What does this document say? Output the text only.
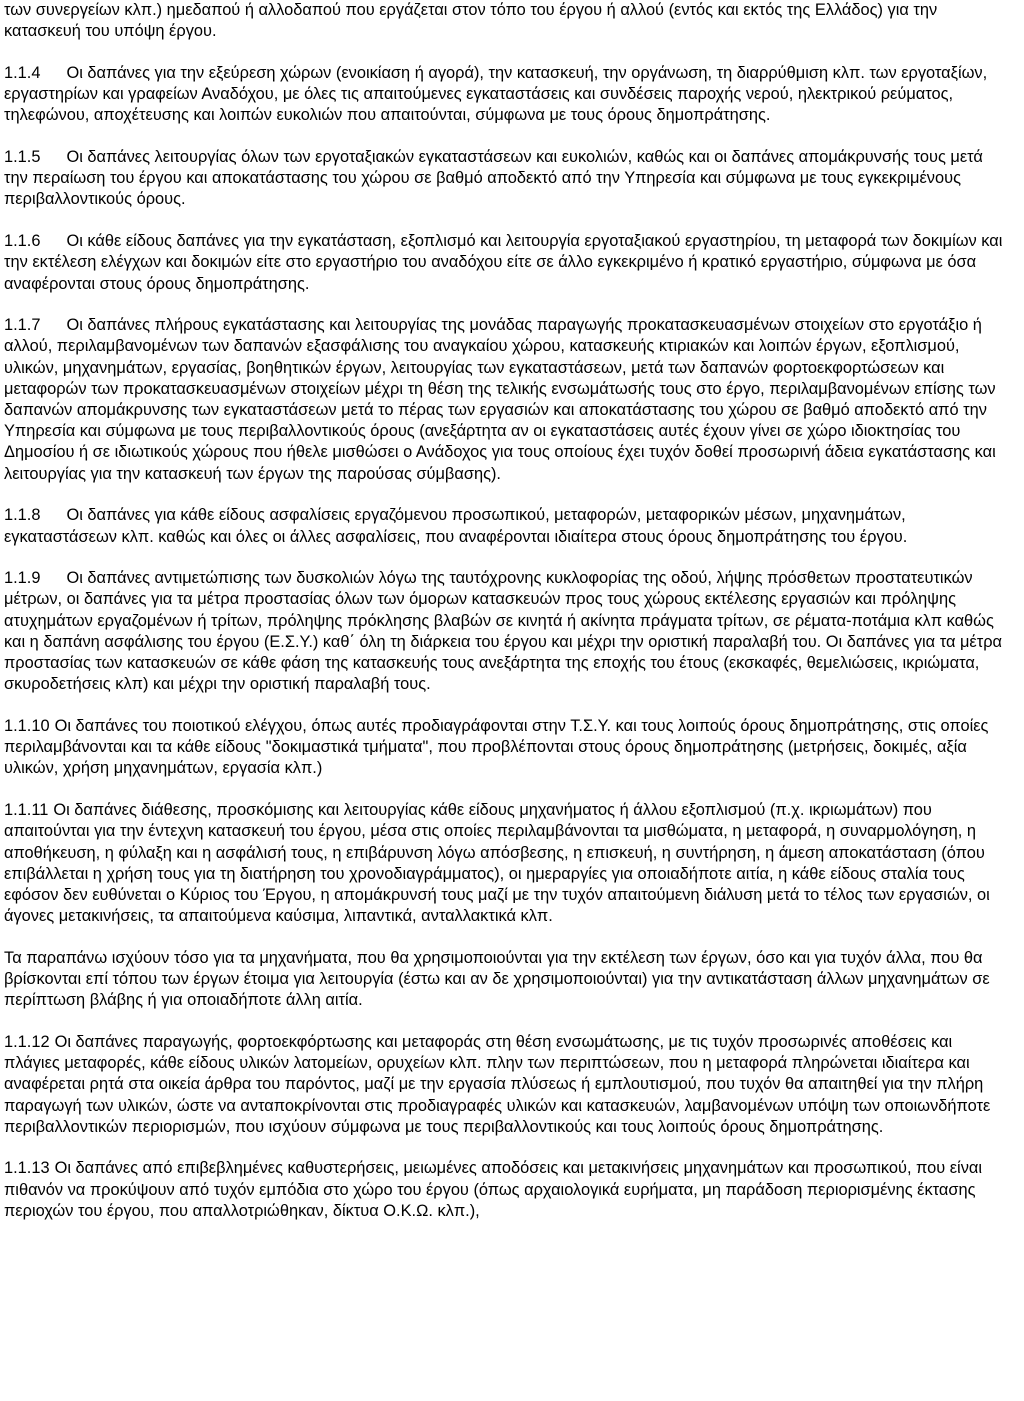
των συνεργείων κλπ.) ημεδαπού ή αλλοδαπού που εργάζεται στον τόπο του έργου ή αλλού (εντός και εκτός της Ελλάδος) για την κατασκευή του υπόψη έργου.

1.1.4 Οι δαπάνες για την εξεύρεση χώρων (ενοικίαση ή αγορά), την κατασκευή, την οργάνωση, τη διαρρύθμιση κλπ. των εργοταξίων, εργαστηρίων και γραφείων Αναδόχου, με όλες τις απαιτούμενες εγκαταστάσεις και συνδέσεις παροχής νερού, ηλεκτρικού ρεύματος, τηλεφώνου, αποχέτευσης και λοιπών ευκολιών που απαιτούνται, σύμφωνα με τους όρους δημοπράτησης.

1.1.5 Οι δαπάνες λειτουργίας όλων των εργοταξιακών εγκαταστάσεων και ευκολιών, καθώς και οι δαπάνες απομάκρυνσής τους μετά την περαίωση του έργου και αποκατάστασης του χώρου σε βαθμό αποδεκτό από την Υπηρεσία και σύμφωνα με τους εγκεκριμένους περιβαλλοντικούς όρους.

1.1.6 Οι κάθε είδους δαπάνες για την εγκατάσταση, εξοπλισμό και λειτουργία εργοταξιακού εργαστηρίου, τη μεταφορά των δοκιμίων και την εκτέλεση ελέγχων και δοκιμών είτε στο εργαστήριο του αναδόχου είτε σε άλλο εγκεκριμένο ή κρατικό εργαστήριο, σύμφωνα με όσα αναφέρονται στους όρους δημοπράτησης.

1.1.7 Οι δαπάνες πλήρους εγκατάστασης και λειτουργίας της μονάδας παραγωγής προκατασκευασμένων στοιχείων στο εργοτάξιο ή αλλού, περιλαμβανομένων των δαπανών εξασφάλισης του αναγκαίου χώρου, κατασκευής κτιριακών και λοιπών έργων, εξοπλισμού, υλικών, μηχανημάτων, εργασίας, βοηθητικών έργων, λειτουργίας των εγκαταστάσεων, μετά των δαπανών φορτοεκφορτώσεων και μεταφορών των προκατασκευασμένων στοιχείων μέχρι τη θέση της τελικής ενσωμάτωσής τους στο έργο, περιλαμβανομένων επίσης των δαπανών απομάκρυνσης των εγκαταστάσεων μετά το πέρας των εργασιών και αποκατάστασης του χώρου σε βαθμό αποδεκτό από την Υπηρεσία και σύμφωνα με τους περιβαλλοντικούς όρους (ανεξάρτητα αν οι εγκαταστάσεις αυτές έχουν γίνει σε χώρο ιδιοκτησίας του Δημοσίου ή σε ιδιωτικούς χώρους που ήθελε μισθώσει ο Ανάδοχος για τους οποίους έχει τυχόν δοθεί προσωρινή άδεια εγκατάστασης και λειτουργίας για την κατασκευή των έργων της παρούσας σύμβασης).

1.1.8 Οι δαπάνες για κάθε είδους ασφαλίσεις εργαζόμενου προσωπικού, μεταφορών, μεταφορικών μέσων, μηχανημάτων, εγκαταστάσεων κλπ. καθώς και όλες οι άλλες ασφαλίσεις, που αναφέρονται ιδιαίτερα στους όρους δημοπράτησης του έργου.

1.1.9 Οι δαπάνες αντιμετώπισης των δυσκολιών λόγω της ταυτόχρονης κυκλοφορίας της οδού, λήψης πρόσθετων προστατευτικών μέτρων, οι δαπάνες για τα μέτρα προστασίας όλων των όμορων κατασκευών προς τους χώρους εκτέλεσης εργασιών και πρόληψης ατυχημάτων εργαζομένων ή τρίτων, πρόληψης πρόκλησης βλαβών σε κινητά ή ακίνητα πράγματα τρίτων, σε ρέματα-ποτάμια κλπ καθώς και η δαπάνη ασφάλισης του έργου (Ε.Σ.Υ.) καθ΄ όλη τη διάρκεια του έργου και μέχρι την οριστική παραλαβή του. Οι δαπάνες για τα μέτρα προστασίας των κατασκευών σε κάθε φάση της κατασκευής τους ανεξάρτητα της εποχής του έτους (εκσκαφές, θεμελιώσεις, ικριώματα, σκυροδετήσεις κλπ) και μέχρι την οριστική παραλαβή τους.

1.1.10 Οι δαπάνες του ποιοτικού ελέγχου, όπως αυτές προδιαγράφονται στην Τ.Σ.Υ. και τους λοιπούς όρους δημοπράτησης, στις οποίες περιλαμβάνονται και τα κάθε είδους "δοκιμαστικά τμήματα", που προβλέπονται στους όρους δημοπράτησης (μετρήσεις, δοκιμές, αξία υλικών, χρήση μηχανημάτων, εργασία κλπ.)

1.1.11 Οι δαπάνες διάθεσης, προσκόμισης και λειτουργίας κάθε είδους μηχανήματος ή άλλου εξοπλισμού (π.χ. ικριωμάτων) που απαιτούνται για την έντεχνη κατασκευή του έργου, μέσα στις οποίες περιλαμβάνονται τα μισθώματα, η μεταφορά, η συναρμολόγηση, η αποθήκευση, η φύλαξη και η ασφάλισή τους, η επιβάρυνση λόγω απόσβεσης, η επισκευή, η συντήρηση, η άμεση αποκατάσταση (όπου επιβάλλεται η χρήση τους για τη διατήρηση του χρονοδιαγράμματος), οι ημεραργίες για οποιαδήποτε αιτία, η κάθε είδους σταλία τους εφόσον δεν ευθύνεται ο Κύριος του Έργου, η απομάκρυνσή τους μαζί με την τυχόν απαιτούμενη διάλυση μετά το τέλος των εργασιών, οι άγονες μετακινήσεις, τα απαιτούμενα καύσιμα, λιπαντικά, ανταλλακτικά κλπ.

Τα παραπάνω ισχύουν τόσο για τα μηχανήματα, που θα χρησιμοποιούνται για την εκτέλεση των έργων, όσο και για τυχόν άλλα, που θα βρίσκονται επί τόπου των έργων έτοιμα για λειτουργία (έστω και αν δε χρησιμοποιούνται) για την αντικατάσταση άλλων μηχανημάτων σε περίπτωση βλάβης ή για οποιαδήποτε άλλη αιτία.

1.1.12 Οι δαπάνες παραγωγής, φορτοεκφόρτωσης και μεταφοράς στη θέση ενσωμάτωσης, με τις τυχόν προσωρινές αποθέσεις και πλάγιες μεταφορές, κάθε είδους υλικών λατομείων, ορυχείων κλπ. πλην των περιπτώσεων, που η μεταφορά πληρώνεται ιδιαίτερα και αναφέρεται ρητά στα οικεία άρθρα του παρόντος, μαζί με την εργασία πλύσεως ή εμπλουτισμού, που τυχόν θα απαιτηθεί για την πλήρη παραγωγή των υλικών, ώστε να ανταποκρίνονται στις προδιαγραφές υλικών και κατασκευών, λαμβανομένων υπόψη των οποιωνδήποτε περιβαλλοντικών περιορισμών, που ισχύουν σύμφωνα με τους περιβαλλοντικούς και τους λοιπούς όρους δημοπράτησης.

1.1.13 Οι δαπάνες από επιβεβλημένες καθυστερήσεις, μειωμένες αποδόσεις και μετακινήσεις μηχανημάτων και προσωπικού, που είναι πιθανόν να προκύψουν από τυχόν εμπόδια στο χώρο του έργου (όπως αρχαιολογικά ευρήματα, μη παράδοση περιορισμένης έκτασης περιοχών του έργου, που απαλλοτριώθηκαν, δίκτυα Ο.Κ.Ω. κλπ.),
